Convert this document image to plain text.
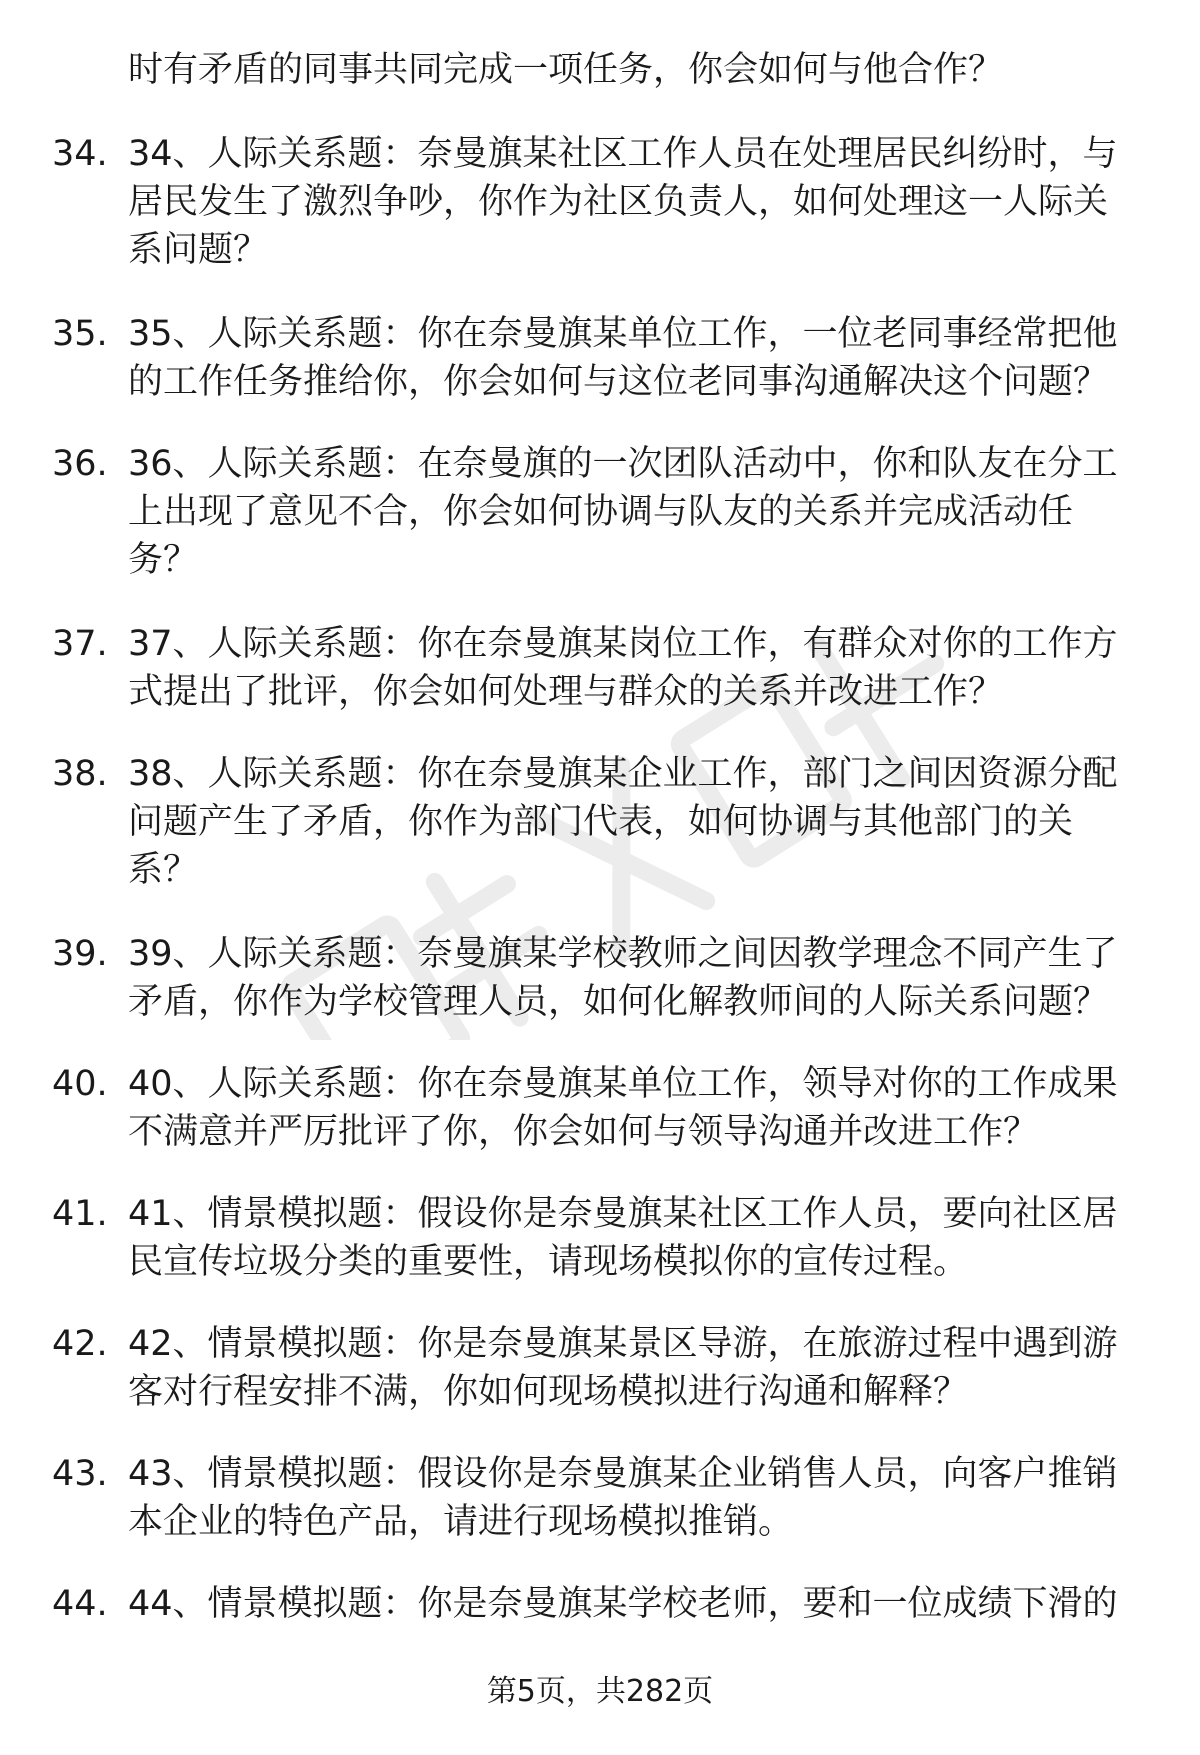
时有矛盾的同事共同完成一项任务，你会如何与他合作？
34. 34、人际关系题：奈曼旗某社区工作人员在处理居民纠纷时，与
居民发生了激烈争吵，你作为社区负责人，如何处理这一人际关
系问题？
35. 35、人际关系题：你在奈曼旗某单位工作，一位老同事经常把他
的工作任务推给你，你会如何与这位老同事沟通解决这个问题？
36. 36、人际关系题：在奈曼旗的一次团队活动中，你和队友在分工
上出现了意见不合，你会如何协调与队友的关系并完成活动任
务？
37. 37、人际关系题：你在奈曼旗某岗位工作，有群众对你的工作方
式提出了批评，你会如何处理与群众的关系并改进工作？
38. 38、人际关系题：你在奈曼旗某企业工作，部门之间因资源分配
问题产生了矛盾，你作为部门代表，如何协调与其他部门的关
系？
39. 39、人际关系题：奈曼旗某学校教师之间因教学理念不同产生了
矛盾，你作为学校管理人员，如何化解教师间的人际关系问题？
40. 40、人际关系题：你在奈曼旗某单位工作，领导对你的工作成果
不满意并严厉批评了你，你会如何与领导沟通并改进工作？
41. 41、情景模拟题：假设你是奈曼旗某社区工作人员，要向社区居
民宣传垃圾分类的重要性，请现场模拟你的宣传过程。
42. 42、情景模拟题：你是奈曼旗某景区导游，在旅游过程中遇到游
客对行程安排不满，你如何现场模拟进行沟通和解释？
43. 43、情景模拟题：假设你是奈曼旗某企业销售人员，向客户推销
本企业的特色产品，请进行现场模拟推销。
44. 44、情景模拟题：你是奈曼旗某学校老师，要和一位成绩下滑的
第5页，共282页
